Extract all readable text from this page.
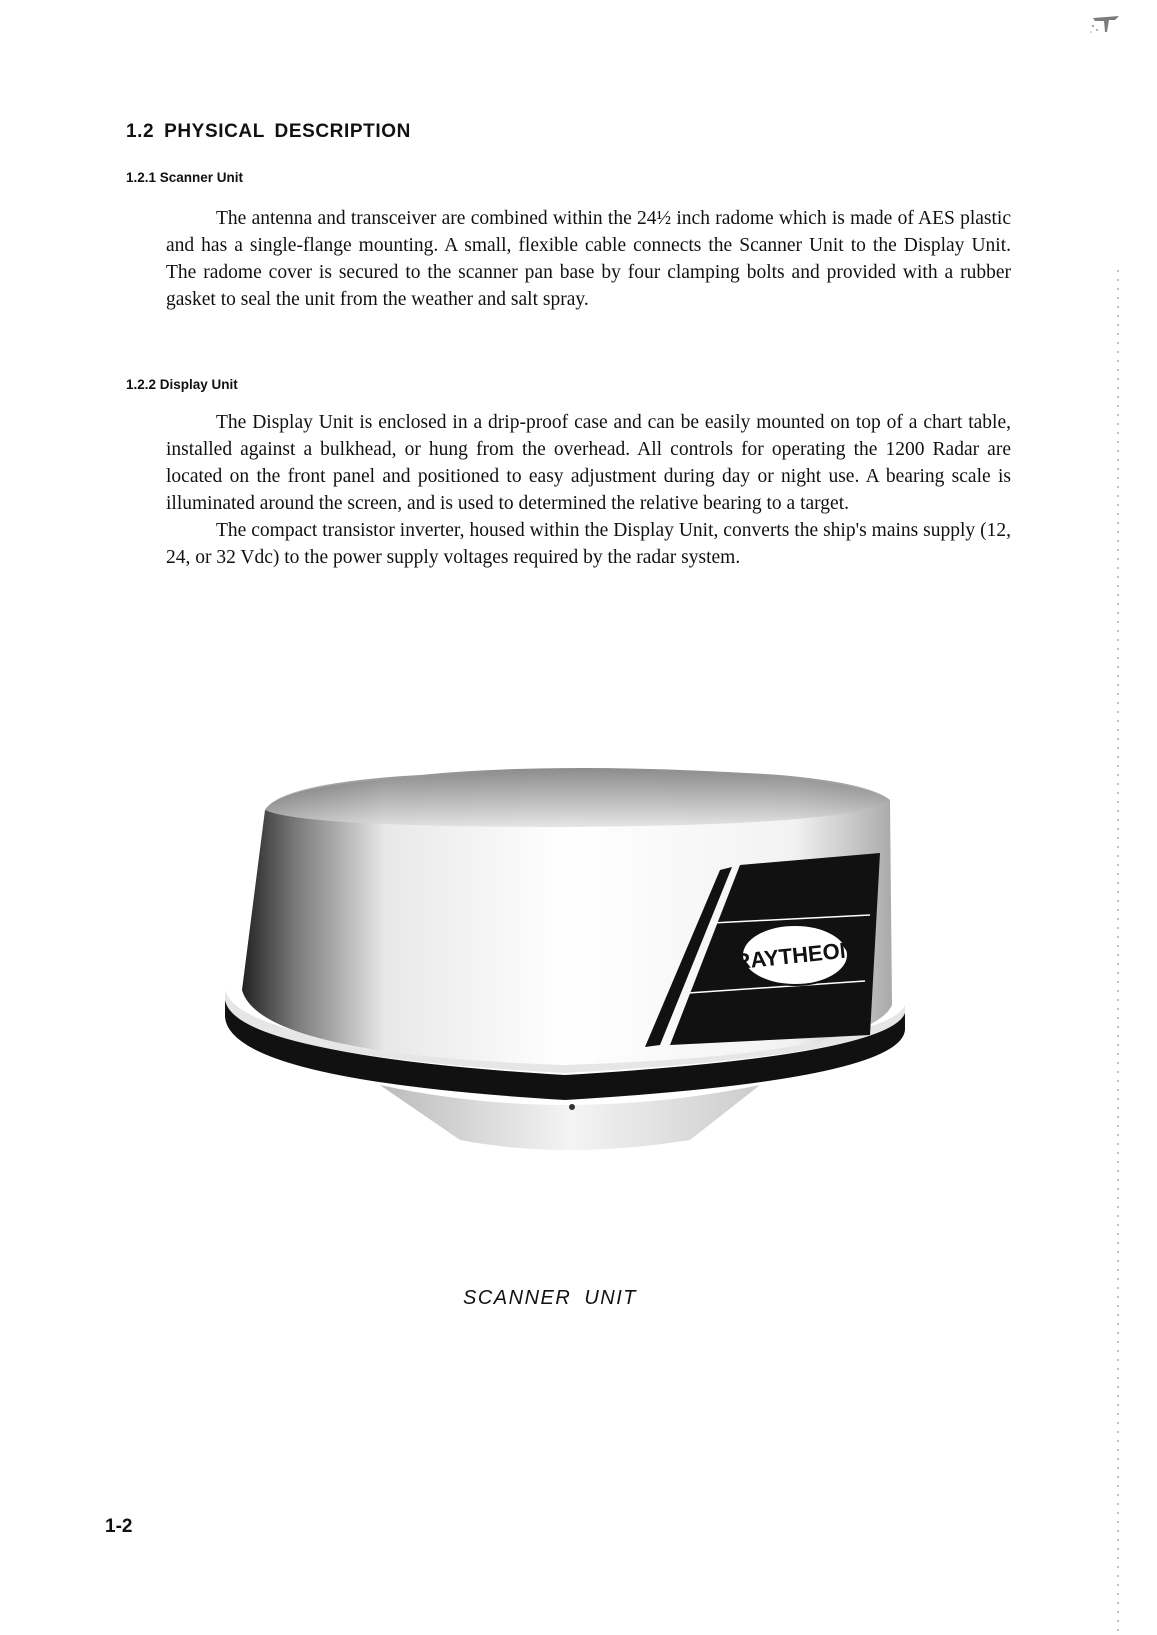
1.2 PHYSICAL DESCRIPTION
1.2.1 Scanner Unit

The antenna and transceiver are combined within the 24½ inch radome which is made of AES plastic and has a single-flange mounting. A small, flexible cable connects the Scanner Unit to the Display Unit. The radome cover is secured to the scanner pan base by four clamping bolts and provided with a rubber gasket to seal the unit from the weather and salt spray.

1.2.2 Display Unit

The Display Unit is enclosed in a drip-proof case and can be easily mounted on top of a chart table, installed against a bulkhead, or hung from the overhead. All controls for operating the 1200 Radar are located on the front panel and positioned to easy adjustment during day or night use. A bearing scale is illuminated around the screen, and is used to determined the relative bearing to a target.

The compact transistor inverter, housed within the Display Unit, converts the ship's mains supply (12, 24, or 32 Vdc) to the power supply voltages required by the radar system.

RAYTHEON
SCANNER UNIT
1-2
